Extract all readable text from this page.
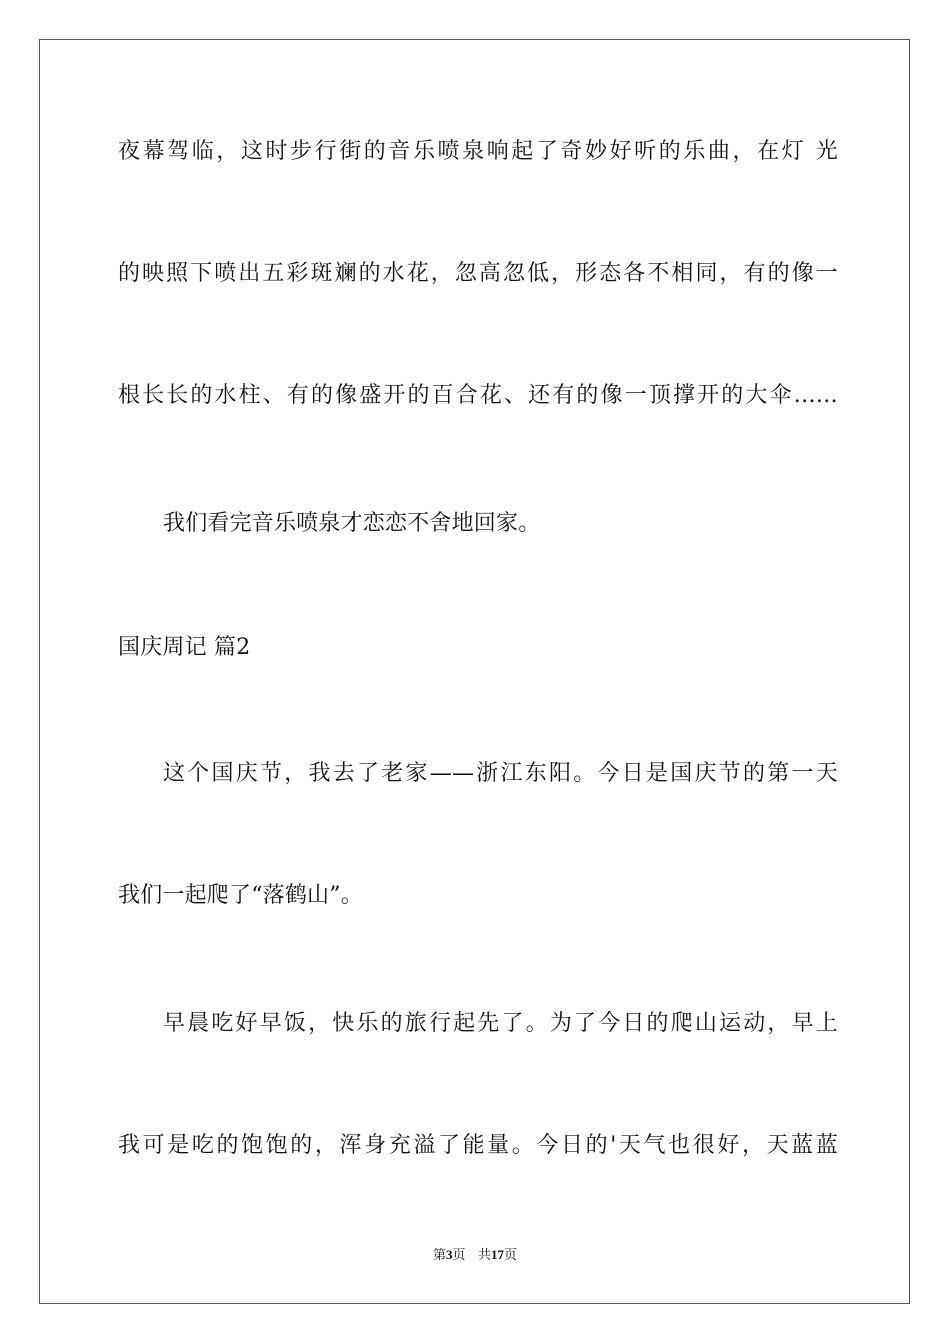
夜幕驾临，这时步行街的音乐喷泉响起了奇妙好听的乐曲，在灯 光
的映照下喷出五彩斑斓的水花，忽高忽低，形态各不相同，有的像一
根长长的水柱、有的像盛开的百合花、还有的像一顶撑开的大伞……
我们看完音乐喷泉才恋恋不舍地回家。
国庆周记 篇2
这个国庆节，我去了老家——浙江东阳。今日是国庆节的第一天
我们一起爬了“落鹤山”。
早晨吃好早饭，快乐的旅行起先了。为了今日的爬山运动，早上
我可是吃的饱饱的，浑身充溢了能量。今日的'天气也很好，天蓝蓝
第3页 共17页
